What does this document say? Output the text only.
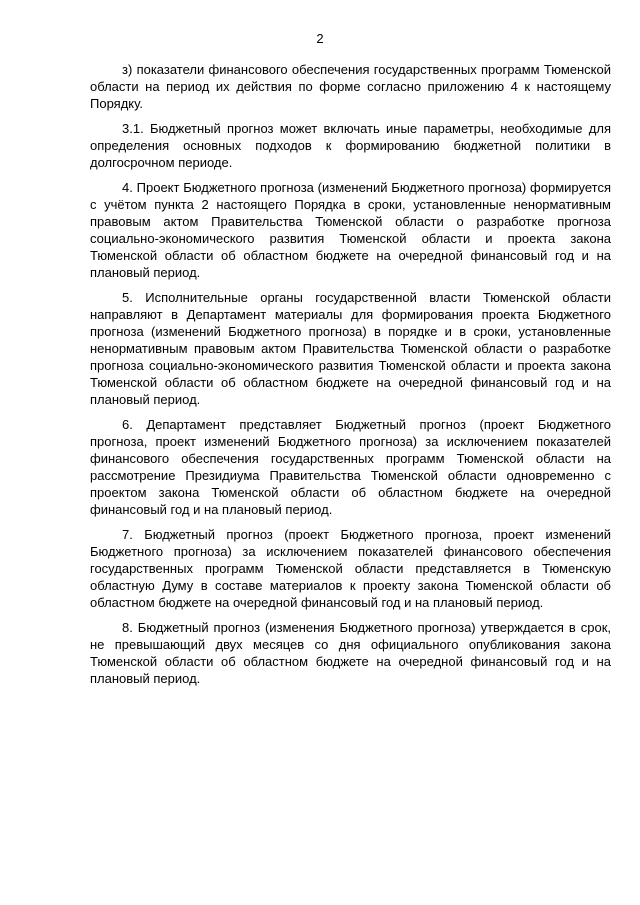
2

з) показатели финансового обеспечения государственных программ Тюменской области на период их действия по форме согласно приложению 4 к настоящему Порядку.

3.1. Бюджетный прогноз может включать иные параметры, необходимые для определения основных подходов к формированию бюджетной политики в долгосрочном периоде.

4. Проект Бюджетного прогноза (изменений Бюджетного прогноза) формируется с учётом пункта 2 настоящего Порядка в сроки, установленные ненормативным правовым актом Правительства Тюменской области о разработке прогноза социально-экономического развития Тюменской области и проекта закона Тюменской области об областном бюджете на очередной финансовый год и на плановый период.

5. Исполнительные органы государственной власти Тюменской области направляют в Департамент материалы для формирования проекта Бюджетного прогноза (изменений Бюджетного прогноза) в порядке и в сроки, установленные ненормативным правовым актом Правительства Тюменской области о разработке прогноза социально-экономического развития Тюменской области и проекта закона Тюменской области об областном бюджете на очередной финансовый год и на плановый период.

6. Департамент представляет Бюджетный прогноз (проект Бюджетного прогноза, проект изменений Бюджетного прогноза) за исключением показателей финансового обеспечения государственных программ Тюменской области на рассмотрение Президиума Правительства Тюменской области одновременно с проектом закона Тюменской области об областном бюджете на очередной финансовый год и на плановый период.

7. Бюджетный прогноз (проект Бюджетного прогноза, проект изменений Бюджетного прогноза) за исключением показателей финансового обеспечения государственных программ Тюменской области представляется в Тюменскую областную Думу в составе материалов к проекту закона Тюменской области об областном бюджете на очередной финансовый год и на плановый период.

8. Бюджетный прогноз (изменения Бюджетного прогноза) утверждается в срок, не превышающий двух месяцев со дня официального опубликования закона Тюменской области об областном бюджете на очередной финансовый год и на плановый период.
